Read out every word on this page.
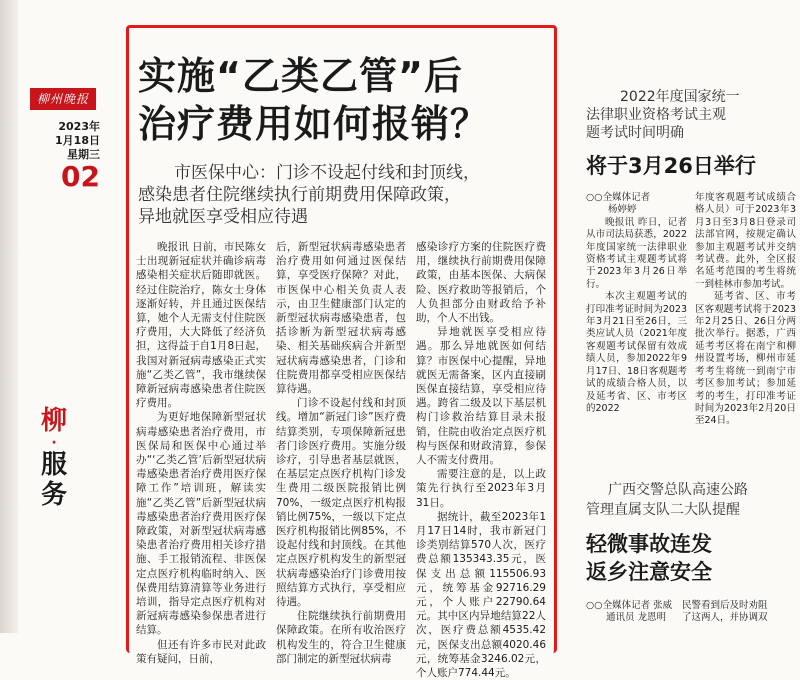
柳州晚报
2023年
1月18日
星期三
02
柳
·
服
务
实施“乙类乙管”后
治疗费用如何报销？
市医保中心：门诊不设起付线和封顶线，
感染患者住院继续执行前期费用保障政策，
异地就医享受相应待遇

晚报讯 日前，市民陈女士出现新冠症状并确诊病毒感染相关症状后随即就医。经过住院治疗，陈女士身体逐渐好转，并且通过医保结算，她个人无需支付住院医疗费用，大大降低了经济负担，这得益于自1月8日起，我国对新冠病毒感染正式实施“乙类乙管”，我市继续保障新冠病毒感染患者住院医疗费用。

为更好地保障新型冠状病毒感染患者治疗费用，市医保局和医保中心通过举办“‘乙类乙管’后新型冠状病毒感染患者治疗费用医疗保障工作”培训班，解读实施“乙类乙管”后新型冠状病毒感染患者治疗费用医疗保障政策，对新型冠状病毒感染患者治疗费用相关诊疗措施、手工报销流程、非医保定点医疗机构临时纳入、医保费用结算清算等业务进行培训，指导定点医疗机构对新冠病毒感染参保患者进行结算。

但还有许多市民对此政策有疑问，日前，

后，新型冠状病毒感染患者治疗费用如何通过医保结算，享受医疗保障？对此，市医保中心相关负责人表示，由卫生健康部门认定的新型冠状病毒感染患者，包括诊断为新型冠状病毒感染、相关基础疾病合并新型冠状病毒感染患者，门诊和住院费用都享受相应医保结算待遇。

门诊不设起付线和封顶线。增加“新冠门诊”医疗费结算类别，专项保障新冠患者门诊医疗费用。实施分级诊疗，引导患者基层就医，在基层定点医疗机构门诊发生费用二级医院报销比例70%，一级定点医疗机构报销比例75%，一级以下定点医疗机构报销比例85%，不设起付线和封顶线。在其他定点医疗机构发生的新型冠状病毒感染治疗门诊费用按照结算方式执行，享受相应待遇。

住院继续执行前期费用保障政策。在所有收治医疗机构发生的，符合卫生健康部门制定的新型冠状病毒

感染诊疗方案的住院医疗费用，继续执行前期费用保障政策，由基本医保、大病保险、医疗救助等报销后，个人负担部分由财政给予补助，个人不出钱。

异地就医享受相应待遇。那么异地就医如何结算？市医保中心提醒，异地就医无需备案，区内直接刷医保直接结算，享受相应待遇。跨省二级及以下基层机构门诊救治结算目录未报销，住院由收治定点医疗机构与医保和财政清算，参保人不需支付费用。

需要注意的是，以上政策先行执行至2023年3月31日。

据统计，截至2023年1月17日14时，我市新冠门诊类别结算570人次，医疗费总额135343.35元，医保支出总额115506.93元，统筹基金92716.29元，个人账户22790.64元。其中区内异地结算22人次，医疗费总额4535.42元，医保支出总额4020.46元，统筹基金3246.02元，个人账户774.44元。

2022年度国家统一
法律职业资格考试主观
题考试时间明确
将于3月26日举行
○○全媒体记者
杨婷婷

晚报讯 昨日，记者从市司法局获悉，2022年度国家统一法律职业资格考试主观题考试将于2023年3月26日举行。

本次主观题考试的打印准考证时间为2023年3月21日至26日，三类应试人员（2021年度客观题考试保留有效成绩人员，参加2022年9月17日、18日客观题考试的成绩合格人员，以及延考省、区、市考区的2022

年度客观题考试成绩合格人员）可于2023年3月3日至3月8日登录司法部官网，按规定确认参加主观题考试并交纳考试费。此外，全区报名延考范围的考生将统一到桂林市参加考试。

延考省、区、市考区客观题考试将于2023年2月25日、26日分两批次举行。据悉，广西延考考区将在南宁和柳州设置考场，柳州市延考考生将统一到南宁市考区参加考试；参加延考的考生，打印准考证时间为2023年2月20日至24日。

广西交警总队高速公路
管理直属支队二大队提醒
轻微事故连发
返乡注意安全
○○全媒体记者 张威
通讯员 龙恩明
民警看到后及时劝阻
了这两人，并协调双
